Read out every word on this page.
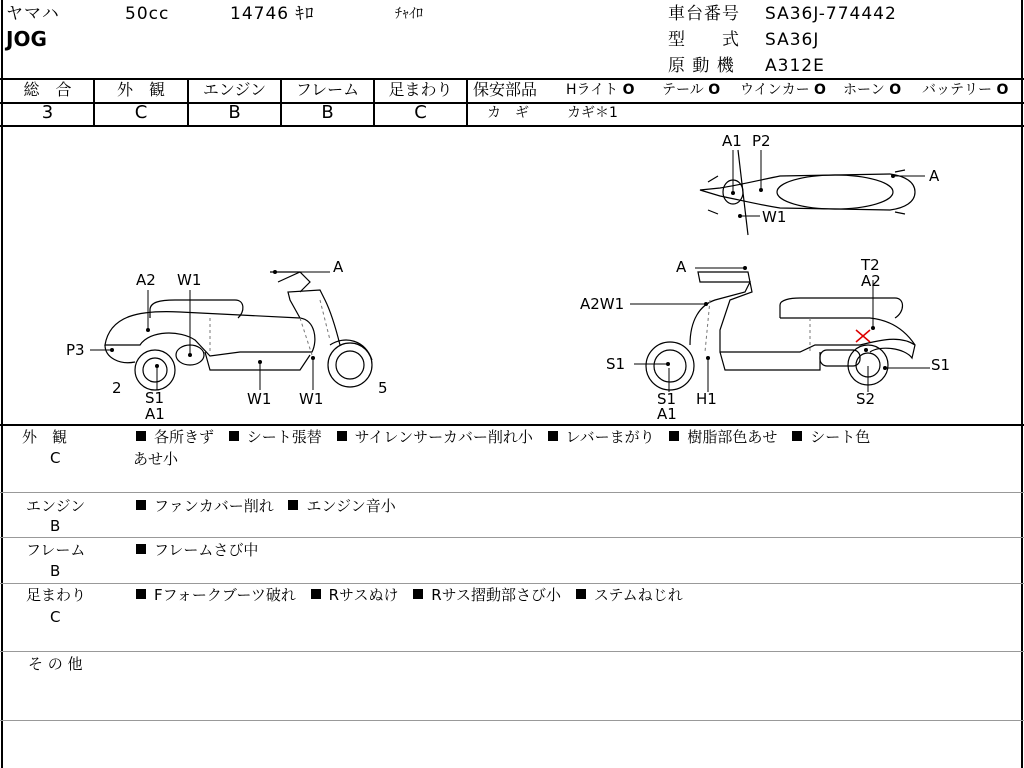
ヤマハ	50cc	14746 ｷﾛ	ﾁｬｲﾛ
JOG
車台番号 SA36J-774442
型　　式 SA36J
原 動 機 A312E
総　合	外　観	エンジン	フレーム	足まわり
3	C	B	B	C
保安部品 Hライト O テール O ウインカー O ホーン O バッテリー O
カ　ギ	カギ＊1
A
A2 W1
P3
2
S1
A1
W1 W1
5
A
A2W1
T2
A2
S1
S1
A1
H1
S1
S2
A1 P2
A
W1
外　観
C
各所きず シート張替 サイレンサーカバー削れ小 レバーまがり 樹脂部色あせ シート色
あせ小
エンジン
B
ファンカバー削れ エンジン音小
フレーム
B
フレームさび中
足まわり
C
Fフォークブーツ破れ Rサスぬけ Rサス摺動部さび小 ステムねじれ
そ の 他
